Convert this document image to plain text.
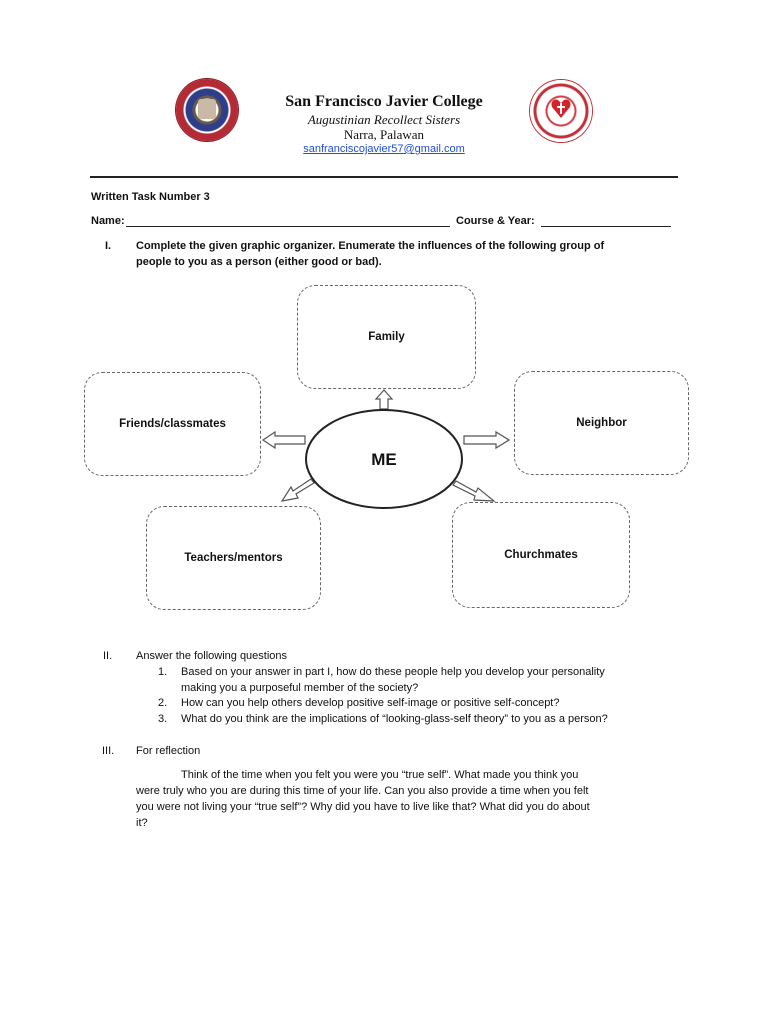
San Francisco Javier College
Augustinian Recollect Sisters
Narra, Palawan
sanfranciscojavier57@gmail.com
Written Task Number 3
Name:	Course & Year:
I. Complete the given graphic organizer. Enumerate the influences of the following group of
people to you as a person (either good or bad).
Family
Friends/classmates	Neighbor
Teachers/mentors	Churchmates
ME
II. Answer the following questions
1. Based on your answer in part I, how do these people help you develop your personality
making you a purposeful member of the society?
2. How can you help others develop positive self-image or positive self-concept?
3. What do you think are the implications of “looking-glass-self theory” to you as a person?
III. For reflection
Think of the time when you felt you were you “true self”. What made you think you
were truly who you are during this time of your life. Can you also provide a time when you felt
you were not living your “true self”? Why did you have to live like that? What did you do about
it?
